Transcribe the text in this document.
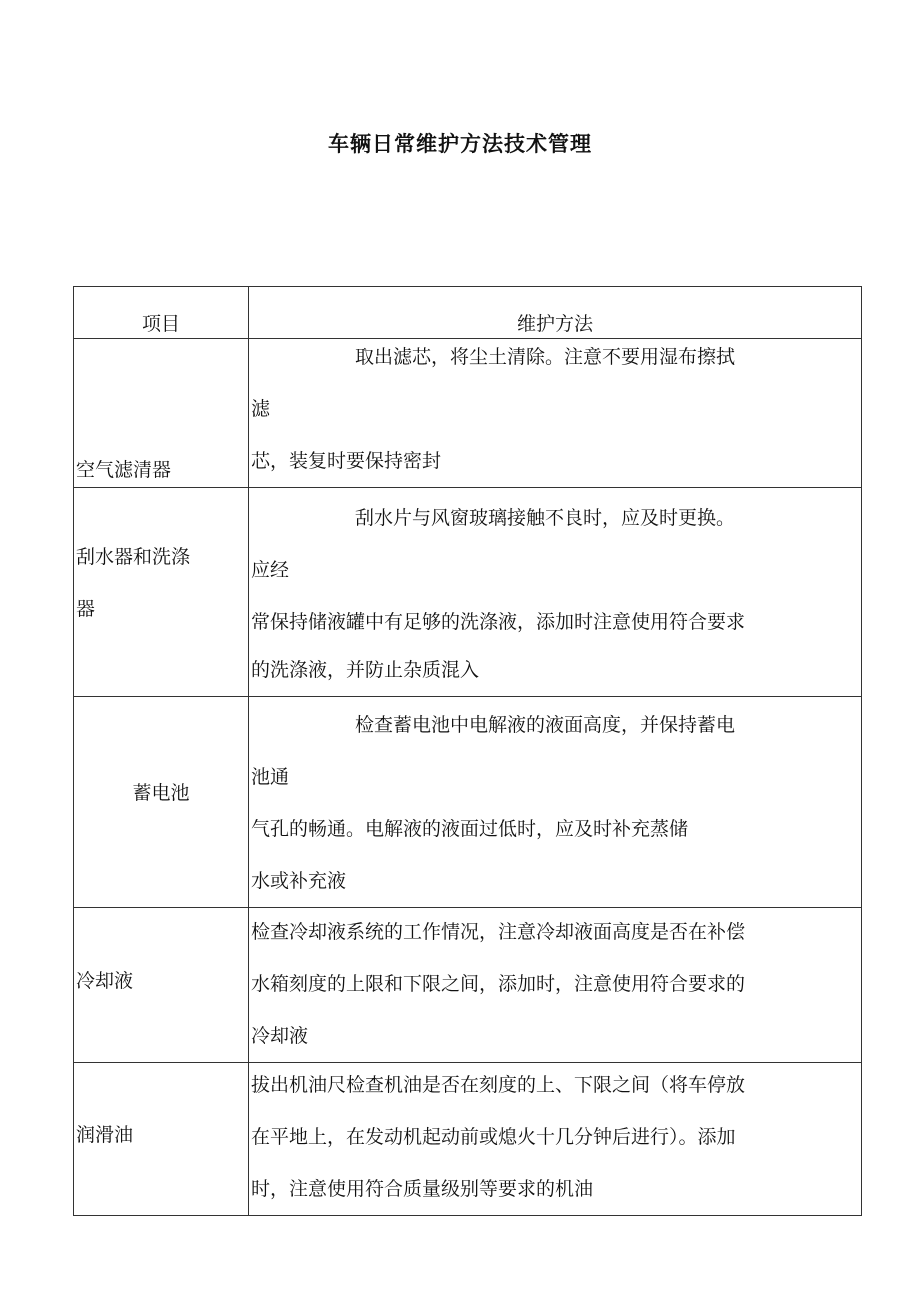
车辆日常维护方法技术管理
项目	维护方法

空气滤清器	取出滤芯，将尘土清除。注意不要用湿布擦拭
滤
芯，装复时要保持密封

刮水器和洗涤
器	刮水片与风窗玻璃接触不良时，应及时更换。
应经
常保持储液罐中有足够的洗涤液，添加时注意使用符合要求
的洗涤液，并防止杂质混入

蓄电池	检查蓄电池中电解液的液面高度，并保持蓄电
池通
气孔的畅通。电解液的液面过低时，应及时补充蒸储
水或补充液

冷却液	检查冷却液系统的工作情况，注意冷却液面高度是否在补偿
水箱刻度的上限和下限之间，添加时，注意使用符合要求的
冷却液

润滑油	拔出机油尺检查机油是否在刻度的上、下限之间（将车停放
在平地上，在发动机起动前或熄火十几分钟后进行）。添加
时，注意使用符合质量级别等要求的机油
